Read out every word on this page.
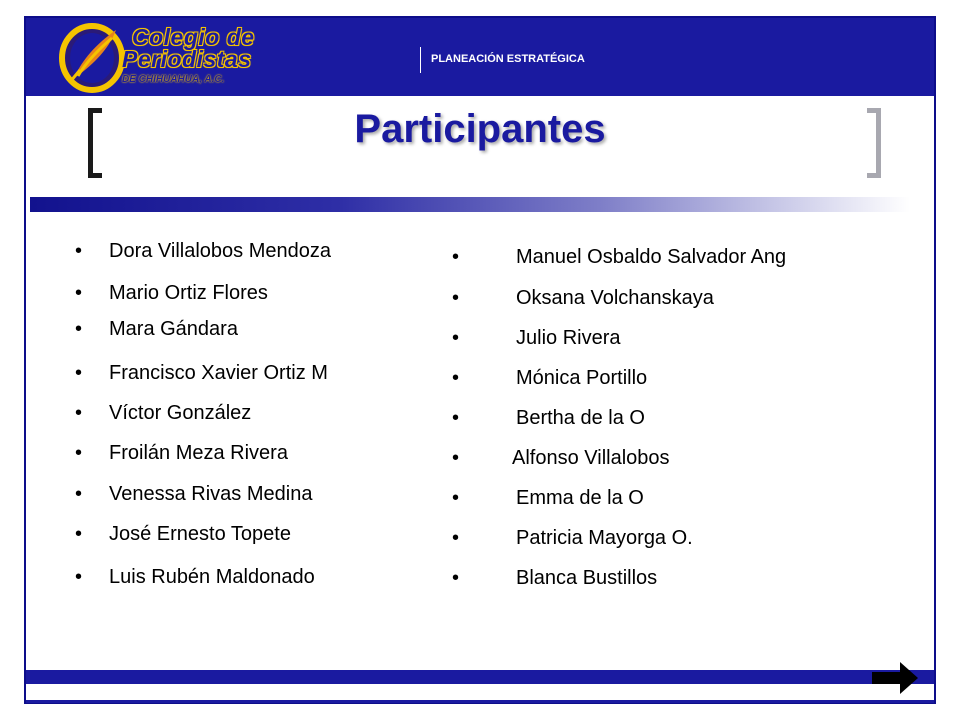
Colegio de
Periodistas
DE CHIHUAHUA, A.C.
PLANEACIÓN ESTRATÉGICA
Participantes
• Dora Villalobos Mendoza
• Mario Ortiz Flores
• Mara Gándara
• Francisco Xavier Ortiz M
• Víctor González
• Froilán Meza Rivera
• Venessa Rivas Medina
• José Ernesto Topete
• Luis Rubén Maldonado
•	Manuel Osbaldo Salvador Ang
•	Oksana Volchanskaya
•	Julio Rivera
•	Mónica Portillo
•	Bertha de la O
•	Alfonso Villalobos
•	Emma de la O
•	Patricia Mayorga O.
•	Blanca Bustillos
